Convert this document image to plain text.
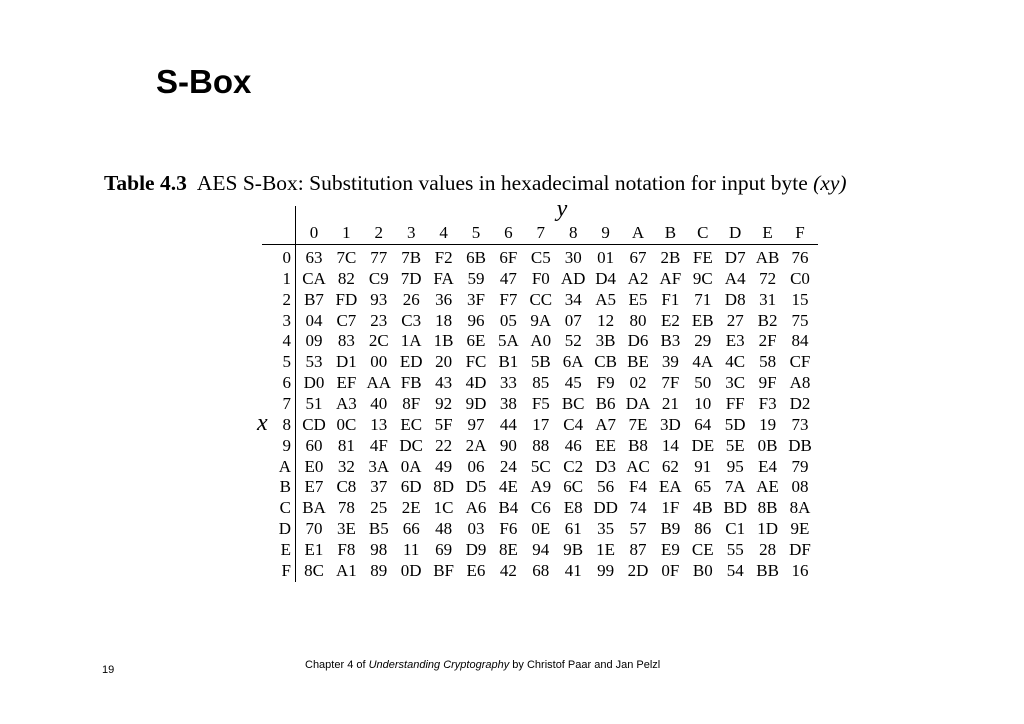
S-Box
Table 4.3 AES S-Box: Substitution values in hexadecimal notation for input byte (xy)
y
x
0	1	2	3	4	5	6	7	8	9	A	B	C	D	E	F
0 63 7C 77 7B F2 6B 6F C5 30 01 67 2B FE D7 AB 76
1 CA 82 C9 7D FA 59 47 F0 AD D4 A2 AF 9C A4 72 C0
2 B7 FD 93 26 36 3F F7 CC 34 A5 E5 F1 71 D8 31 15
3 04 C7 23 C3 18 96 05 9A 07 12 80 E2 EB 27 B2 75
4 09 83 2C 1A 1B 6E 5A A0 52 3B D6 B3 29 E3 2F 84
5 53 D1 00 ED 20 FC B1 5B 6A CB BE 39 4A 4C 58 CF
6 D0 EF AA FB 43 4D 33 85 45 F9 02 7F 50 3C 9F A8
7 51 A3 40 8F 92 9D 38 F5 BC B6 DA 21 10 FF F3 D2
8 CD 0C 13 EC 5F 97 44 17 C4 A7 7E 3D 64 5D 19 73
9 60 81 4F DC 22 2A 90 88 46 EE B8 14 DE 5E 0B DB
A E0 32 3A 0A 49 06 24 5C C2 D3 AC 62 91 95 E4 79
B E7 C8 37 6D 8D D5 4E A9 6C 56 F4 EA 65 7A AE 08
C BA 78 25 2E 1C A6 B4 C6 E8 DD 74 1F 4B BD 8B 8A
D 70 3E B5 66 48 03 F6 0E 61 35 57 B9 86 C1 1D 9E
E E1 F8 98 11 69 D9 8E 94 9B 1E 87 E9 CE 55 28 DF
F 8C A1 89 0D BF E6 42 68 41 99 2D 0F B0 54 BB 16
19	Chapter 4 of Understanding Cryptography by Christof Paar and Jan Pelzl
